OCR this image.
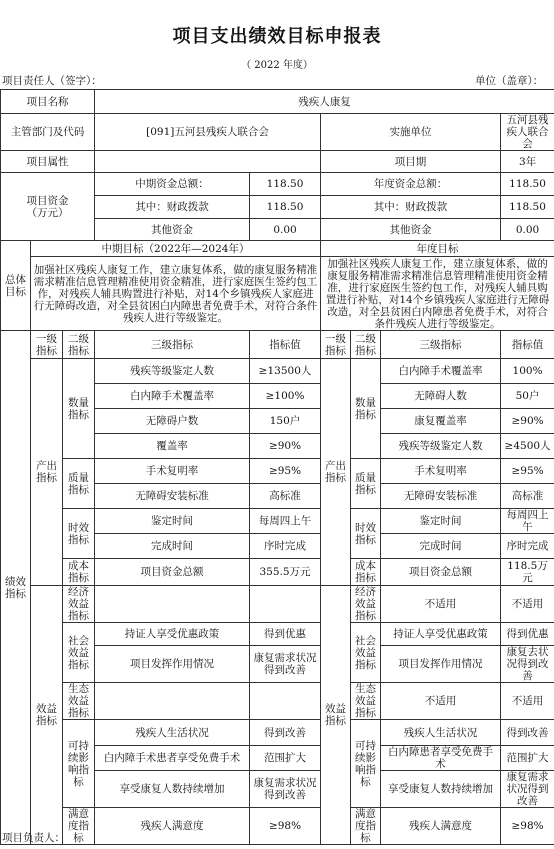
项目支出绩效目标申报表
（ 2022 年度）
项目责任人（签字）：	单位（盖章）：
项目名称			残疾人康复					
主管部门及代码			[091]五河县残疾人联合会		实施单位			五河县残疾人联合会
项目属性					项目期			3年
项目资金
（万元）			中期资金总额：	118.50	年度资金总额：			118.50
			其中：财政拨款	118.50	其中：财政拨款			118.50
			其他资金	0.00	其他资金			0.00
总体目标	中期目标（2022年—2024年）				年度目标			
	加强社区残疾人康复工作，建立康复体系，做的康复服务精准需求精准信息管理精准使用资金精准，进行家庭医生签约包工作，对残疾人辅具购置进行补贴，对14个乡镇残疾人家庭进行无障碍改造，对全县贫困白内障患者免费手术，对符合条件残疾人进行等级鉴定。				加强社区残疾人康复工作，建立康复体系，做的康复服务精准需求精准信息管理精准使用资金精准，进行家庭医生签约包工作，对残疾人辅具购置进行补贴，对14个乡镇残疾人家庭进行无障碍改造，对全县贫困白内障患者免费手术，对符合条件残疾人进行等级鉴定。			
绩效指标	一级指标	二级指标	三级指标	指标值	一级指标	二级指标	三级指标	指标值
	产出指标	数量指标	残疾等级鉴定人数	≥13500人	产出指标	数量指标	白内障手术覆盖率	100%
			白内障手术覆盖率	≥100%			无障碍人数	50户
			无障碍户数	150户			康复覆盖率	≥90%
			覆盖率	≥90%			残疾等级鉴定人数	≥4500人
		质量指标	手术复明率	≥95%		质量指标	手术复明率	≥95%
			无障碍安装标准	高标准			无障碍安装标准	高标准
		时效指标	鉴定时间	每周四上午		时效指标	鉴定时间	每周四上午
			完成时间	序时完成			完成时间	序时完成
		成本指标	项目资金总额	355.5万元		成本指标	项目资金总额	118.5万元
	效益指标	经济效益指标			效益指标	经济效益指标	不适用	不适用
		社会效益指标	持证人享受优惠政策	得到优惠		社会效益指标	持证人享受优惠政策	得到优惠
			项目发挥作用情况	康复需求状况得到改善			项目发挥作用情况	康复去状况得到改善
		生态效益指标				生态效益指标	不适用	不适用
		可持续影响指标	残疾人生活状况	得到改善		可持续影响指标	残疾人生活状况	得到改善
			白内障手术患者享受免费手术	范围扩大			白内障患者享受免费手术	范围扩大
			享受康复人数持续增加	康复需求状况得到改善			享受康复人数持续增加	康复需求状况得到改善
		满意度指标	残疾人满意度	≥98%		满意度指标	残疾人满意度	≥98%
项目负责人：
